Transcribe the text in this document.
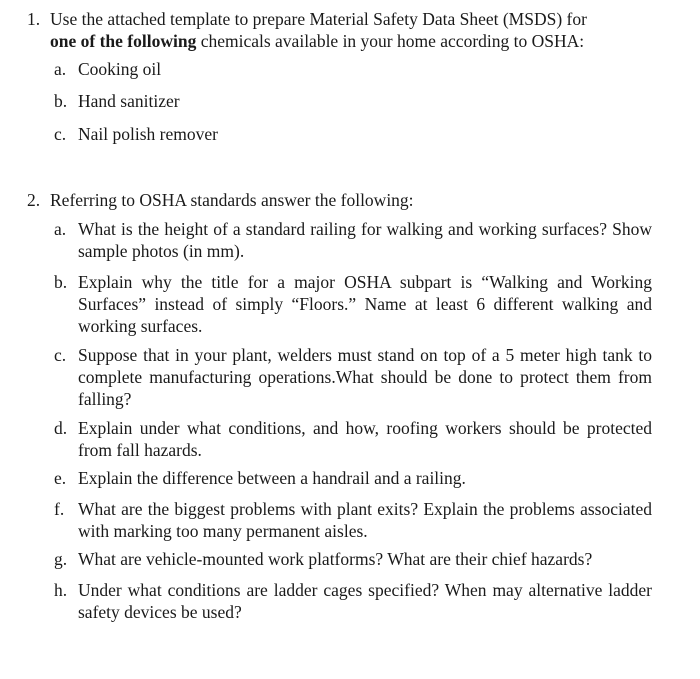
1. Use the attached template to prepare Material Safety Data Sheet (MSDS) for
one of the following chemicals available in your home according to OSHA:
a. Cooking oil
b. Hand sanitizer
c. Nail polish remover
2. Referring to OSHA standards answer the following:
a. What is the height of a standard railing for walking and working surfaces? Show sample photos (in mm).
b. Explain why the title for a major OSHA subpart is “Walking and Working Surfaces” instead of simply “Floors.” Name at least 6 different walking and working surfaces.
c. Suppose that in your plant, welders must stand on top of a 5 meter high tank to complete manufacturing operations.What should be done to protect them from falling?
d. Explain under what conditions, and how, roofing workers should be protected from fall hazards.
e. Explain the difference between a handrail and a railing.
f. What are the biggest problems with plant exits? Explain the problems associated with marking too many permanent aisles.
g. What are vehicle-mounted work platforms? What are their chief hazards?
h. Under what conditions are ladder cages specified? When may alternative ladder safety devices be used?
